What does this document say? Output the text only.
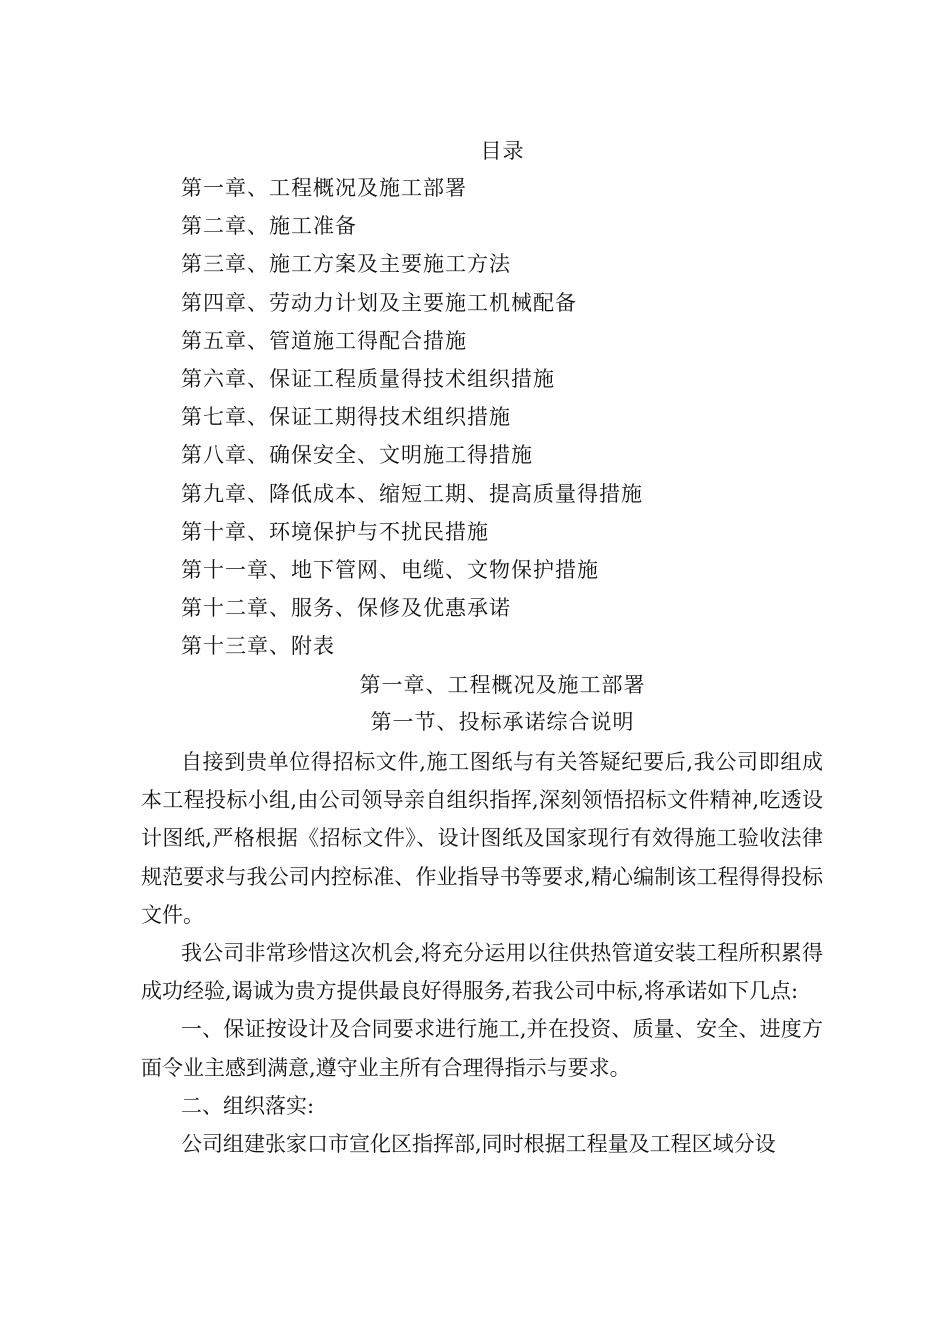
目录
第一章、工程概况及施工部署
第二章、施工准备
第三章、施工方案及主要施工方法
第四章、劳动力计划及主要施工机械配备
第五章、管道施工得配合措施
第六章、保证工程质量得技术组织措施
第七章、保证工期得技术组织措施
第八章、确保安全、文明施工得措施
第九章、降低成本、缩短工期、提高质量得措施
第十章、环境保护与不扰民措施
第十一章、地下管网、电缆、文物保护措施
第十二章、服务、保修及优惠承诺
第十三章、附表
第一章、工程概况及施工部署
第一节、投标承诺综合说明

自接到贵单位得招标文件,施工图纸与有关答疑纪要后,我公司即组成本工程投标小组,由公司领导亲自组织指挥,深刻领悟招标文件精神,吃透设计图纸,严格根据《招标文件》、设计图纸及国家现行有效得施工验收法律规范要求与我公司内控标准、作业指导书等要求,精心编制该工程得得投标文件。

我公司非常珍惜这次机会,将充分运用以往供热管道安装工程所积累得成功经验,谒诚为贵方提供最良好得服务,若我公司中标,将承诺如下几点:

一、保证按设计及合同要求进行施工,并在投资、质量、安全、进度方面令业主感到满意,遵守业主所有合理得指示与要求。

二、组织落实:

公司组建张家口市宣化区指挥部,同时根据工程量及工程区域分设
